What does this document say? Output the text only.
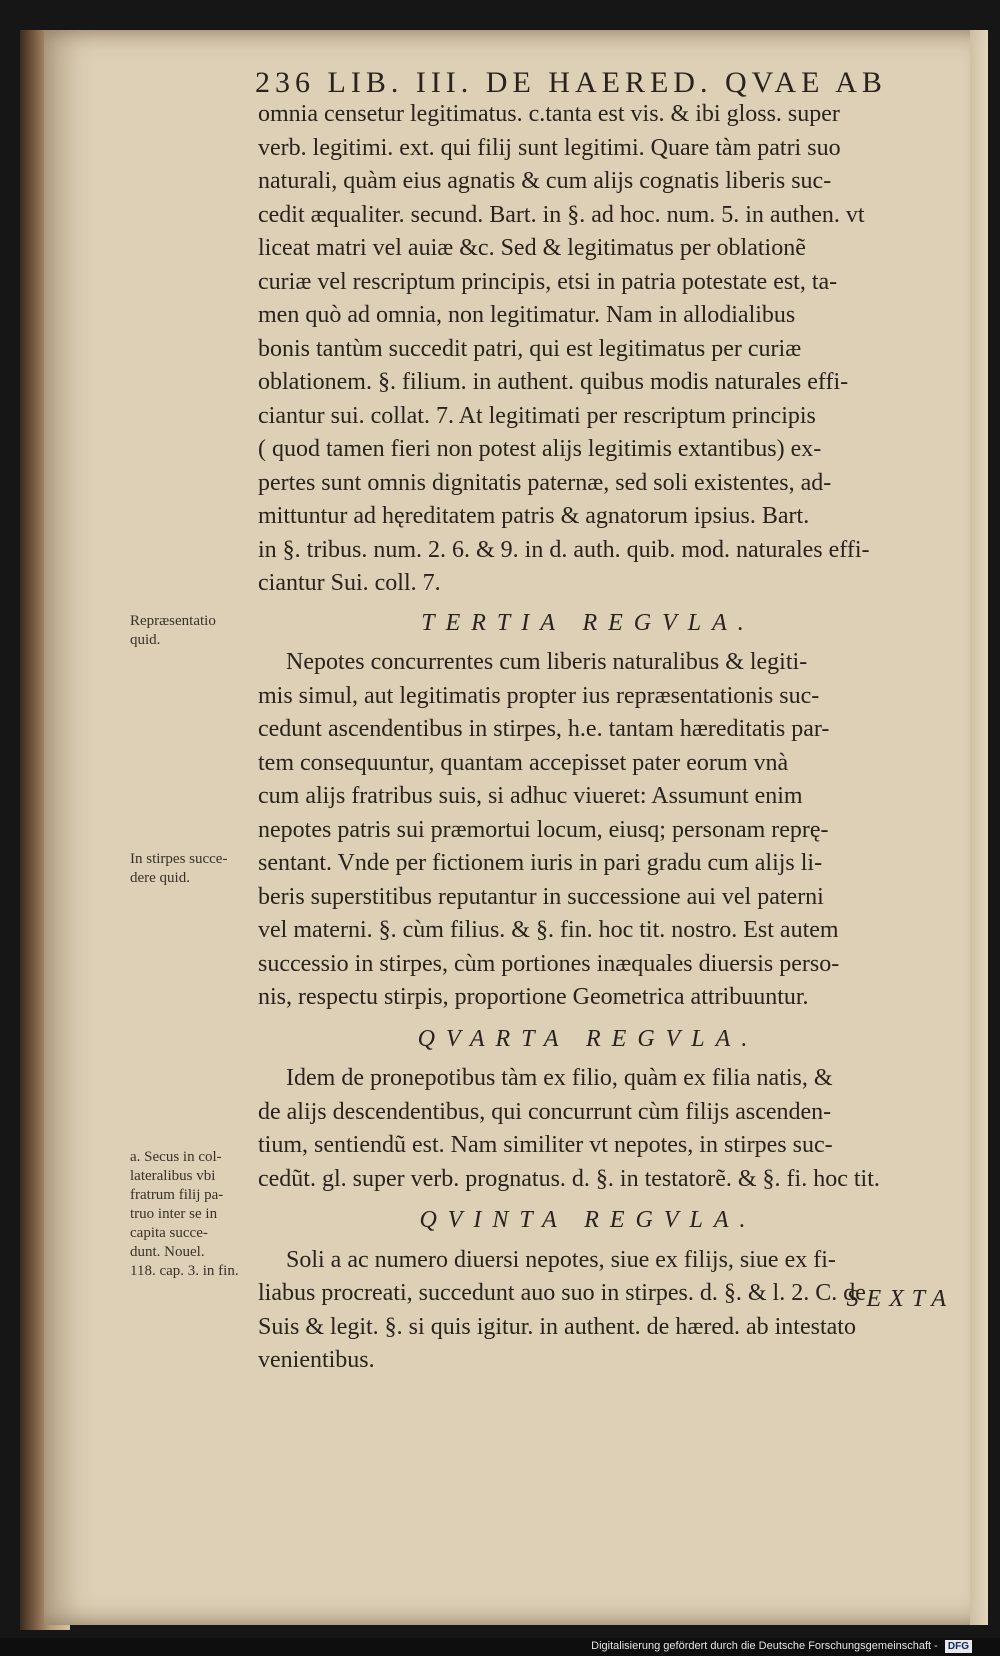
236 LIB. III. DE HAERED. QVAE AB

omnia censetur legitimatus. c.tanta est vis. & ibi gloss. super
verb. legitimi. ext. qui filij sunt legitimi. Quare tàm patri suo
naturali, quàm eius agnatis & cum alijs cognatis liberis suc-
cedit æqualiter. secund. Bart. in §. ad hoc. num. 5. in authen. vt
liceat matri vel auiæ &c. Sed & legitimatus per oblationẽ
curiæ vel rescriptum principis, etsi in patria potestate est, ta-
men quò ad omnia, non legitimatur. Nam in allodialibus
bonis tantùm succedit patri, qui est legitimatus per curiæ
oblationem. §. filium. in authent. quibus modis naturales effi-
ciantur sui. collat. 7. At legitimati per rescriptum principis
( quod tamen fieri non potest alijs legitimis extantibus) ex-
pertes sunt omnis dignitatis paternæ, sed soli existentes, ad-
mittuntur ad hęreditatem patris & agnatorum ipsius. Bart.
in §. tribus. num. 2. 6. & 9. in d. auth. quib. mod. naturales effi-
ciantur Sui. coll. 7.

TERTIA REGVLA.

Nepotes concurrentes cum liberis naturalibus & legiti-
mis simul, aut legitimatis propter ius repræsentationis suc-
cedunt ascendentibus in stirpes, h.e. tantam hæreditatis par-
tem consequuntur, quantam accepisset pater eorum vnà
cum alijs fratribus suis, si adhuc viueret: Assumunt enim
nepotes patris sui præmortui locum, eiusq; personam reprę-
sentant. Vnde per fictionem iuris in pari gradu cum alijs li-
beris superstitibus reputantur in successione aui vel paterni
vel materni. §. cùm filius. & §. fin. hoc tit. nostro. Est autem
successio in stirpes, cùm portiones inæquales diuersis perso-
nis, respectu stirpis, proportione Geometrica attribuuntur.

QVARTA REGVLA.

Idem de pronepotibus tàm ex filio, quàm ex filia natis, &
de alijs descendentibus, qui concurrunt cùm filijs ascenden-
tium, sentiendũ est. Nam similiter vt nepotes, in stirpes suc-
cedũt. gl. super verb. prognatus. d. §. in testatorẽ. & §. fi. hoc tit.

QVINTA REGVLA.

Soli a ac numero diuersi nepotes, siue ex filijs, siue ex fi-
liabus procreati, succedunt auo suo in stirpes. d. §. & l. 2. C. de
Suis & legit. §. si quis igitur. in authent. de hæred. ab intestato
venientibus.

SEXTA
Repræsentatio
quid.
In stirpes succe-
dere quid.
a. Secus in col-
lateralibus vbi
fratrum filij pa-
truo inter se in
capita succe-
dunt. Nouel.
118. cap. 3. in fin.
Digitalisierung gefördert durch die Deutsche Forschungsgemeinschaft - DFG
